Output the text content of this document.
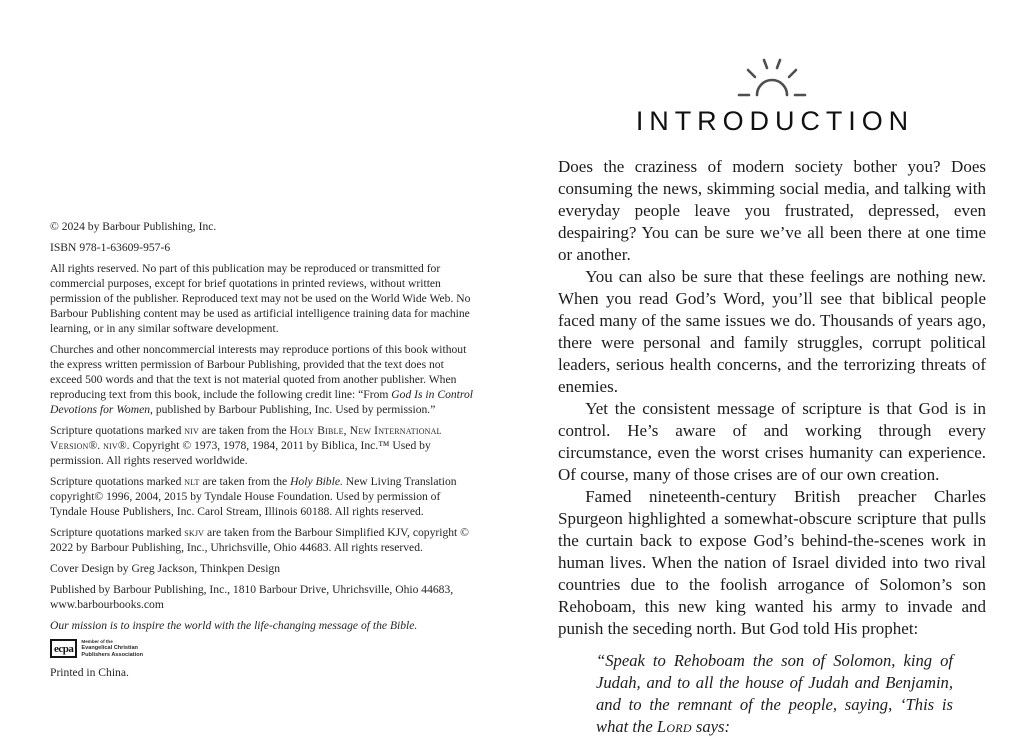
© 2024 by Barbour Publishing, Inc.

ISBN 978-1-63609-957-6

All rights reserved. No part of this publication may be reproduced or transmitted for commercial purposes, except for brief quotations in printed reviews, without written permission of the publisher. Reproduced text may not be used on the World Wide Web. No Barbour Publishing content may be used as artificial intelligence training data for machine learning, or in any similar software development.

Churches and other noncommercial interests may reproduce portions of this book without the express written permission of Barbour Publishing, provided that the text does not exceed 500 words and that the text is not material quoted from another publisher. When reproducing text from this book, include the following credit line: “From God Is in Control Devotions for Women, published by Barbour Publishing, Inc. Used by permission.”

Scripture quotations marked niv are taken from the Holy Bible, New International Version®. niv®. Copyright © 1973, 1978, 1984, 2011 by Biblica, Inc.™ Used by permission. All rights reserved worldwide.

Scripture quotations marked nlt are taken from the Holy Bible. New Living Translation copyright© 1996, 2004, 2015 by Tyndale House Foundation. Used by permission of Tyndale House Publishers, Inc. Carol Stream, Illinois 60188. All rights reserved.

Scripture quotations marked skjv are taken from the Barbour Simplified KJV, copyright © 2022 by Barbour Publishing, Inc., Uhrichsville, Ohio 44683. All rights reserved.

Cover Design by Greg Jackson, Thinkpen Design

Published by Barbour Publishing, Inc., 1810 Barbour Drive, Uhrichsville, Ohio 44683, www.barbourbooks.com

Our mission is to inspire the world with the life-changing message of the Bible.

ecpa
Member of the
Evangelical Christian
Publishers Association

Printed in China.

INTRODUCTION

Does the craziness of modern society bother you? Does consuming the news, skimming social media, and talking with everyday people leave you frustrated, depressed, even despairing? You can be sure we’ve all been there at one time or another.

You can also be sure that these feelings are nothing new. When you read God’s Word, you’ll see that biblical people faced many of the same issues we do. Thousands of years ago, there were personal and family struggles, corrupt political leaders, serious health concerns, and the terrorizing threats of enemies.

Yet the consistent message of scripture is that God is in control. He’s aware of and working through every circumstance, even the worst crises humanity can experience. Of course, many of those crises are of our own creation.

Famed nineteenth-century British preacher Charles Spurgeon highlighted a somewhat-obscure scripture that pulls the curtain back to expose God’s behind-the-scenes work in human lives. When the nation of Israel divided into two rival countries due to the foolish arrogance of Solomon’s son Rehoboam, this new king wanted his army to invade and punish the seceding north. But God told His prophet:

“Speak to Rehoboam the son of Solomon, king of Judah, and to all the house of Judah and Benjamin, and to the remnant of the people, saying, ‘This is what the Lord says:
